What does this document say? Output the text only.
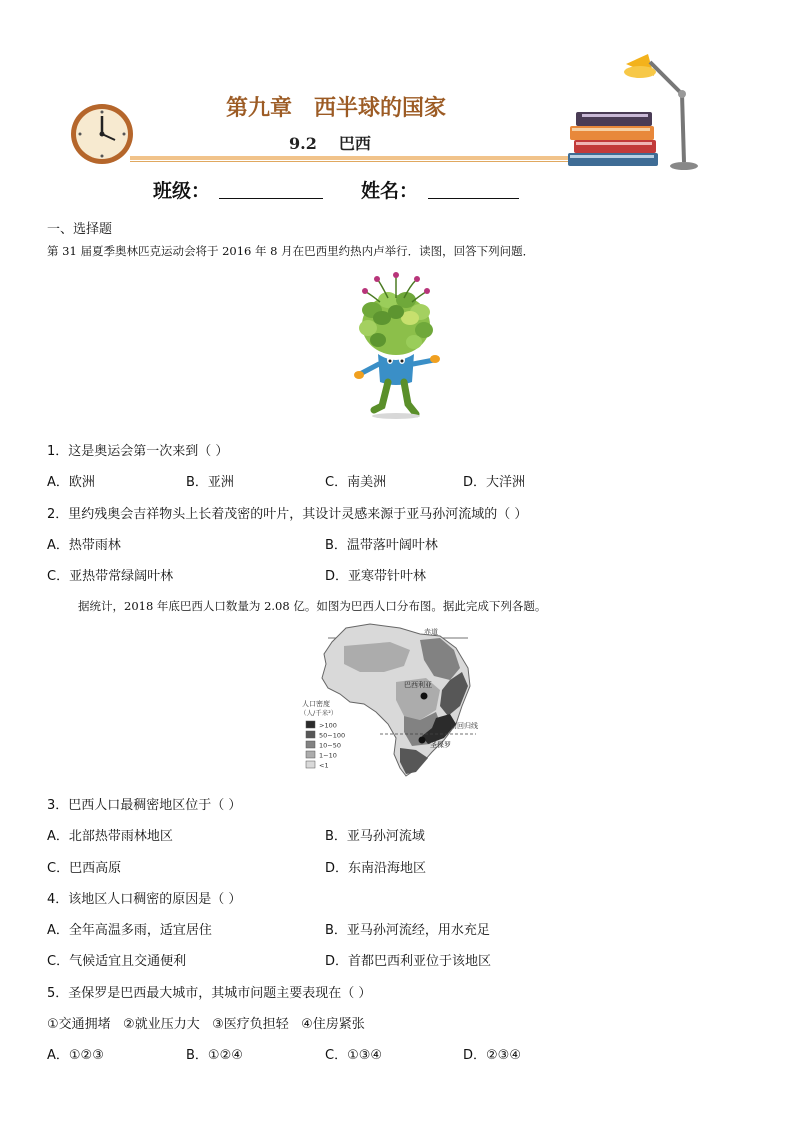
第九章 西半球的国家
9.2 巴西
班级：	姓名：
一、选择题
第 31 届夏季奥林匹克运动会将于 2016 年 8 月在巴西里约热内卢举行．读图，回答下列问题．
1．这是奥运会第一次来到（ ）
A．欧洲	B．亚洲	C．南美洲	D．大洋洲
2．里约残奥会吉祥物头上长着茂密的叶片，其设计灵感来源于亚马孙河流域的（ ）
A．热带雨林	B．温带落叶阔叶林
C．亚热带常绿阔叶林	D．亚寒带针叶林
据统计，2018 年底巴西人口数量为 2.08 亿。如图为巴西人口分布图。据此完成下列各题。
赤道
南回归线
巴西利亚
圣保罗
人口密度
（人/千米²）
>100
50~100
10~50
1~10
<1
3．巴西人口最稠密地区位于（ ）
A．北部热带雨林地区	B．亚马孙河流域
C．巴西高原	D．东南沿海地区
4．该地区人口稠密的原因是（ ）
A．全年高温多雨，适宜居住	B．亚马孙河流经，用水充足
C．气候适宜且交通便利	D．首都巴西利亚位于该地区
5．圣保罗是巴西最大城市，其城市问题主要表现在（ ）
①交通拥堵   ②就业压力大   ③医疗负担轻   ④住房紧张
A．①②③	B．①②④	C．①③④	D．②③④
